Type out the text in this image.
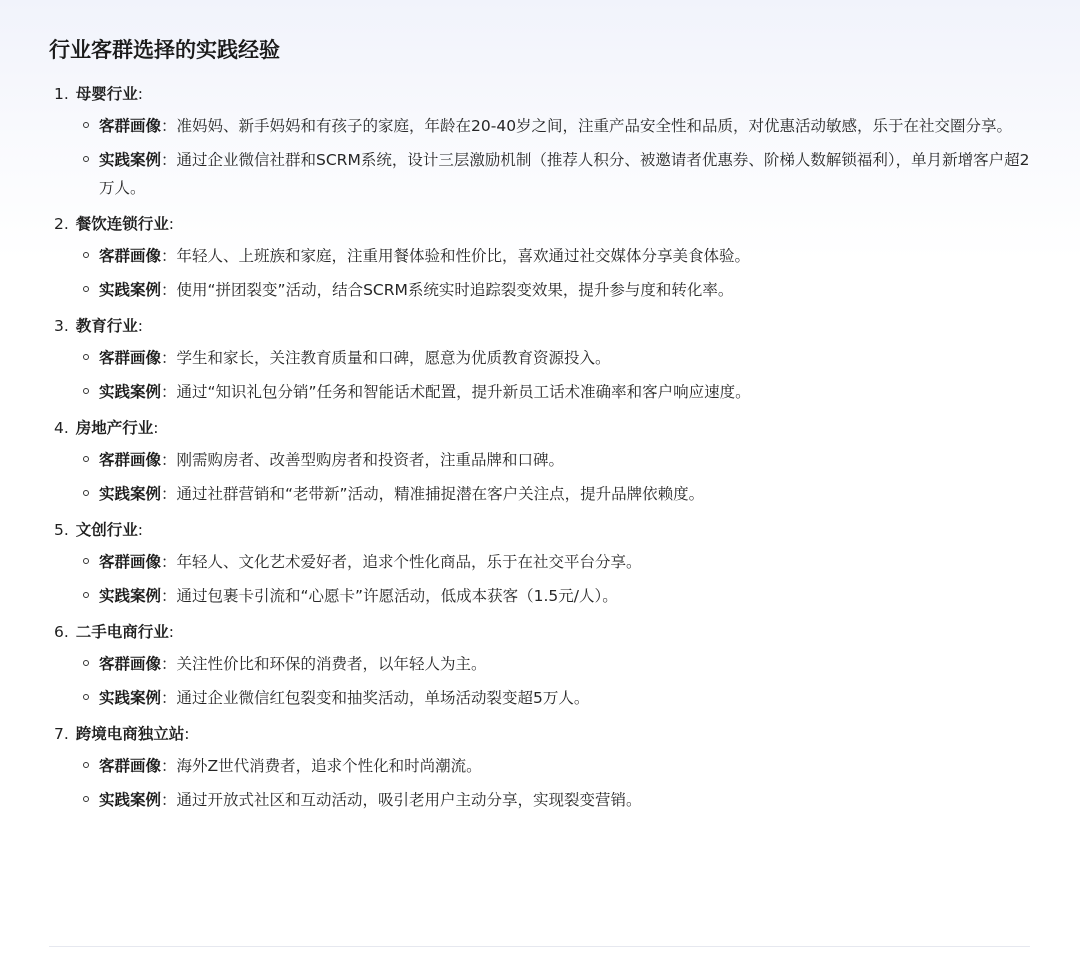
行业客群选择的实践经验
1. 母婴行业:
客群画像：准妈妈、新手妈妈和有孩子的家庭，年龄在20-40岁之间，注重产品安全性和品质，对优惠活动敏感，乐于在社交圈分享。
实践案例：通过企业微信社群和SCRM系统，设计三层激励机制（推荐人积分、被邀请者优惠券、阶梯人数解锁福利），单月新增客户超2万人。
2. 餐饮连锁行业:
客群画像：年轻人、上班族和家庭，注重用餐体验和性价比，喜欢通过社交媒体分享美食体验。
实践案例：使用“拼团裂变”活动，结合SCRM系统实时追踪裂变效果，提升参与度和转化率。
3. 教育行业:
客群画像：学生和家长，关注教育质量和口碑，愿意为优质教育资源投入。
实践案例：通过“知识礼包分销”任务和智能话术配置，提升新员工话术准确率和客户响应速度。
4. 房地产行业:
客群画像：刚需购房者、改善型购房者和投资者，注重品牌和口碑。
实践案例：通过社群营销和“老带新”活动，精准捕捉潜在客户关注点，提升品牌依赖度。
5. 文创行业:
客群画像：年轻人、文化艺术爱好者，追求个性化商品，乐于在社交平台分享。
实践案例：通过包裹卡引流和“心愿卡”许愿活动，低成本获客（1.5元/人）。
6. 二手电商行业:
客群画像：关注性价比和环保的消费者，以年轻人为主。
实践案例：通过企业微信红包裂变和抽奖活动，单场活动裂变超5万人。
7. 跨境电商独立站:
客群画像：海外Z世代消费者，追求个性化和时尚潮流。
实践案例：通过开放式社区和互动活动，吸引老用户主动分享，实现裂变营销。
